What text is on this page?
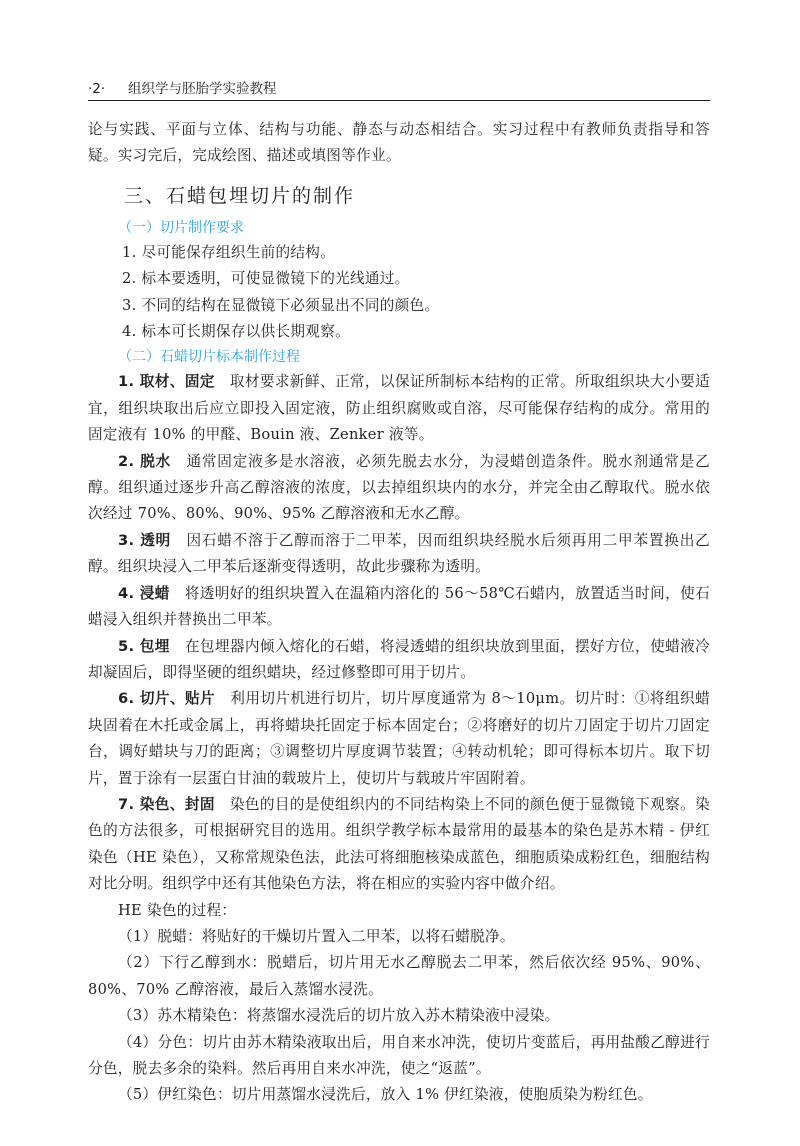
·2· 组织学与胚胎学实验教程

论与实践、平面与立体、结构与功能、静态与动态相结合。实习过程中有教师负责指导和答疑。实习完后，完成绘图、描述或填图等作业。

三、石蜡包埋切片的制作
（一）切片制作要求

1. 尽可能保存组织生前的结构。

2. 标本要透明，可使显微镜下的光线通过。

3. 不同的结构在显微镜下必须显出不同的颜色。

4. 标本可长期保存以供长期观察。

（二）石蜡切片标本制作过程

1. 取材、固定　 取材要求新鲜、正常，以保证所制标本结构的正常。所取组织块大小要适宜，组织块取出后应立即投入固定液，防止组织腐败或自溶，尽可能保存结构的成分。常用的固定液有 10% 的甲醛、Bouin 液、Zenker 液等。

2. 脱水　 通常固定液多是水溶液，必须先脱去水分，为浸蜡创造条件。脱水剂通常是乙醇。组织通过逐步升高乙醇溶液的浓度，以去掉组织块内的水分，并完全由乙醇取代。脱水依次经过 70%、80%、90%、95% 乙醇溶液和无水乙醇。

3. 透明　 因石蜡不溶于乙醇而溶于二甲苯，因而组织块经脱水后须再用二甲苯置换出乙醇。组织块浸入二甲苯后逐渐变得透明，故此步骤称为透明。

4. 浸蜡　 将透明好的组织块置入在温箱内溶化的 56～58℃石蜡内，放置适当时间，使石蜡浸入组织并替换出二甲苯。

5. 包埋　 在包埋器内倾入熔化的石蜡，将浸透蜡的组织块放到里面，摆好方位，使蜡液冷却凝固后，即得坚硬的组织蜡块，经过修整即可用于切片。

6. 切片、贴片　 利用切片机进行切片，切片厚度通常为 8～10μm。切片时：①将组织蜡块固着在木托或金属上，再将蜡块托固定于标本固定台；②将磨好的切片刀固定于切片刀固定台，调好蜡块与刀的距离；③调整切片厚度调节装置；④转动机轮；即可得标本切片。取下切片，置于涂有一层蛋白甘油的载玻片上，使切片与载玻片牢固附着。

7. 染色、封固　 染色的目的是使组织内的不同结构染上不同的颜色便于显微镜下观察。染色的方法很多，可根据研究目的选用。组织学教学标本最常用的最基本的染色是苏木精 - 伊红染色（HE 染色），又称常规染色法，此法可将细胞核染成蓝色，细胞质染成粉红色，细胞结构对比分明。组织学中还有其他染色方法，将在相应的实验内容中做介绍。

HE 染色的过程：

（1）脱蜡：将贴好的干燥切片置入二甲苯，以将石蜡脱净。

（2）下行乙醇到水：脱蜡后，切片用无水乙醇脱去二甲苯，然后依次经 95%、90%、80%、70% 乙醇溶液，最后入蒸馏水浸洗。

（3）苏木精染色：将蒸馏水浸洗后的切片放入苏木精染液中浸染。

（4）分色：切片由苏木精染液取出后，用自来水冲洗，使切片变蓝后，再用盐酸乙醇进行分色，脱去多余的染料。然后再用自来水冲洗，使之“返蓝”。

（5）伊红染色：切片用蒸馏水浸洗后，放入 1% 伊红染液，使胞质染为粉红色。
